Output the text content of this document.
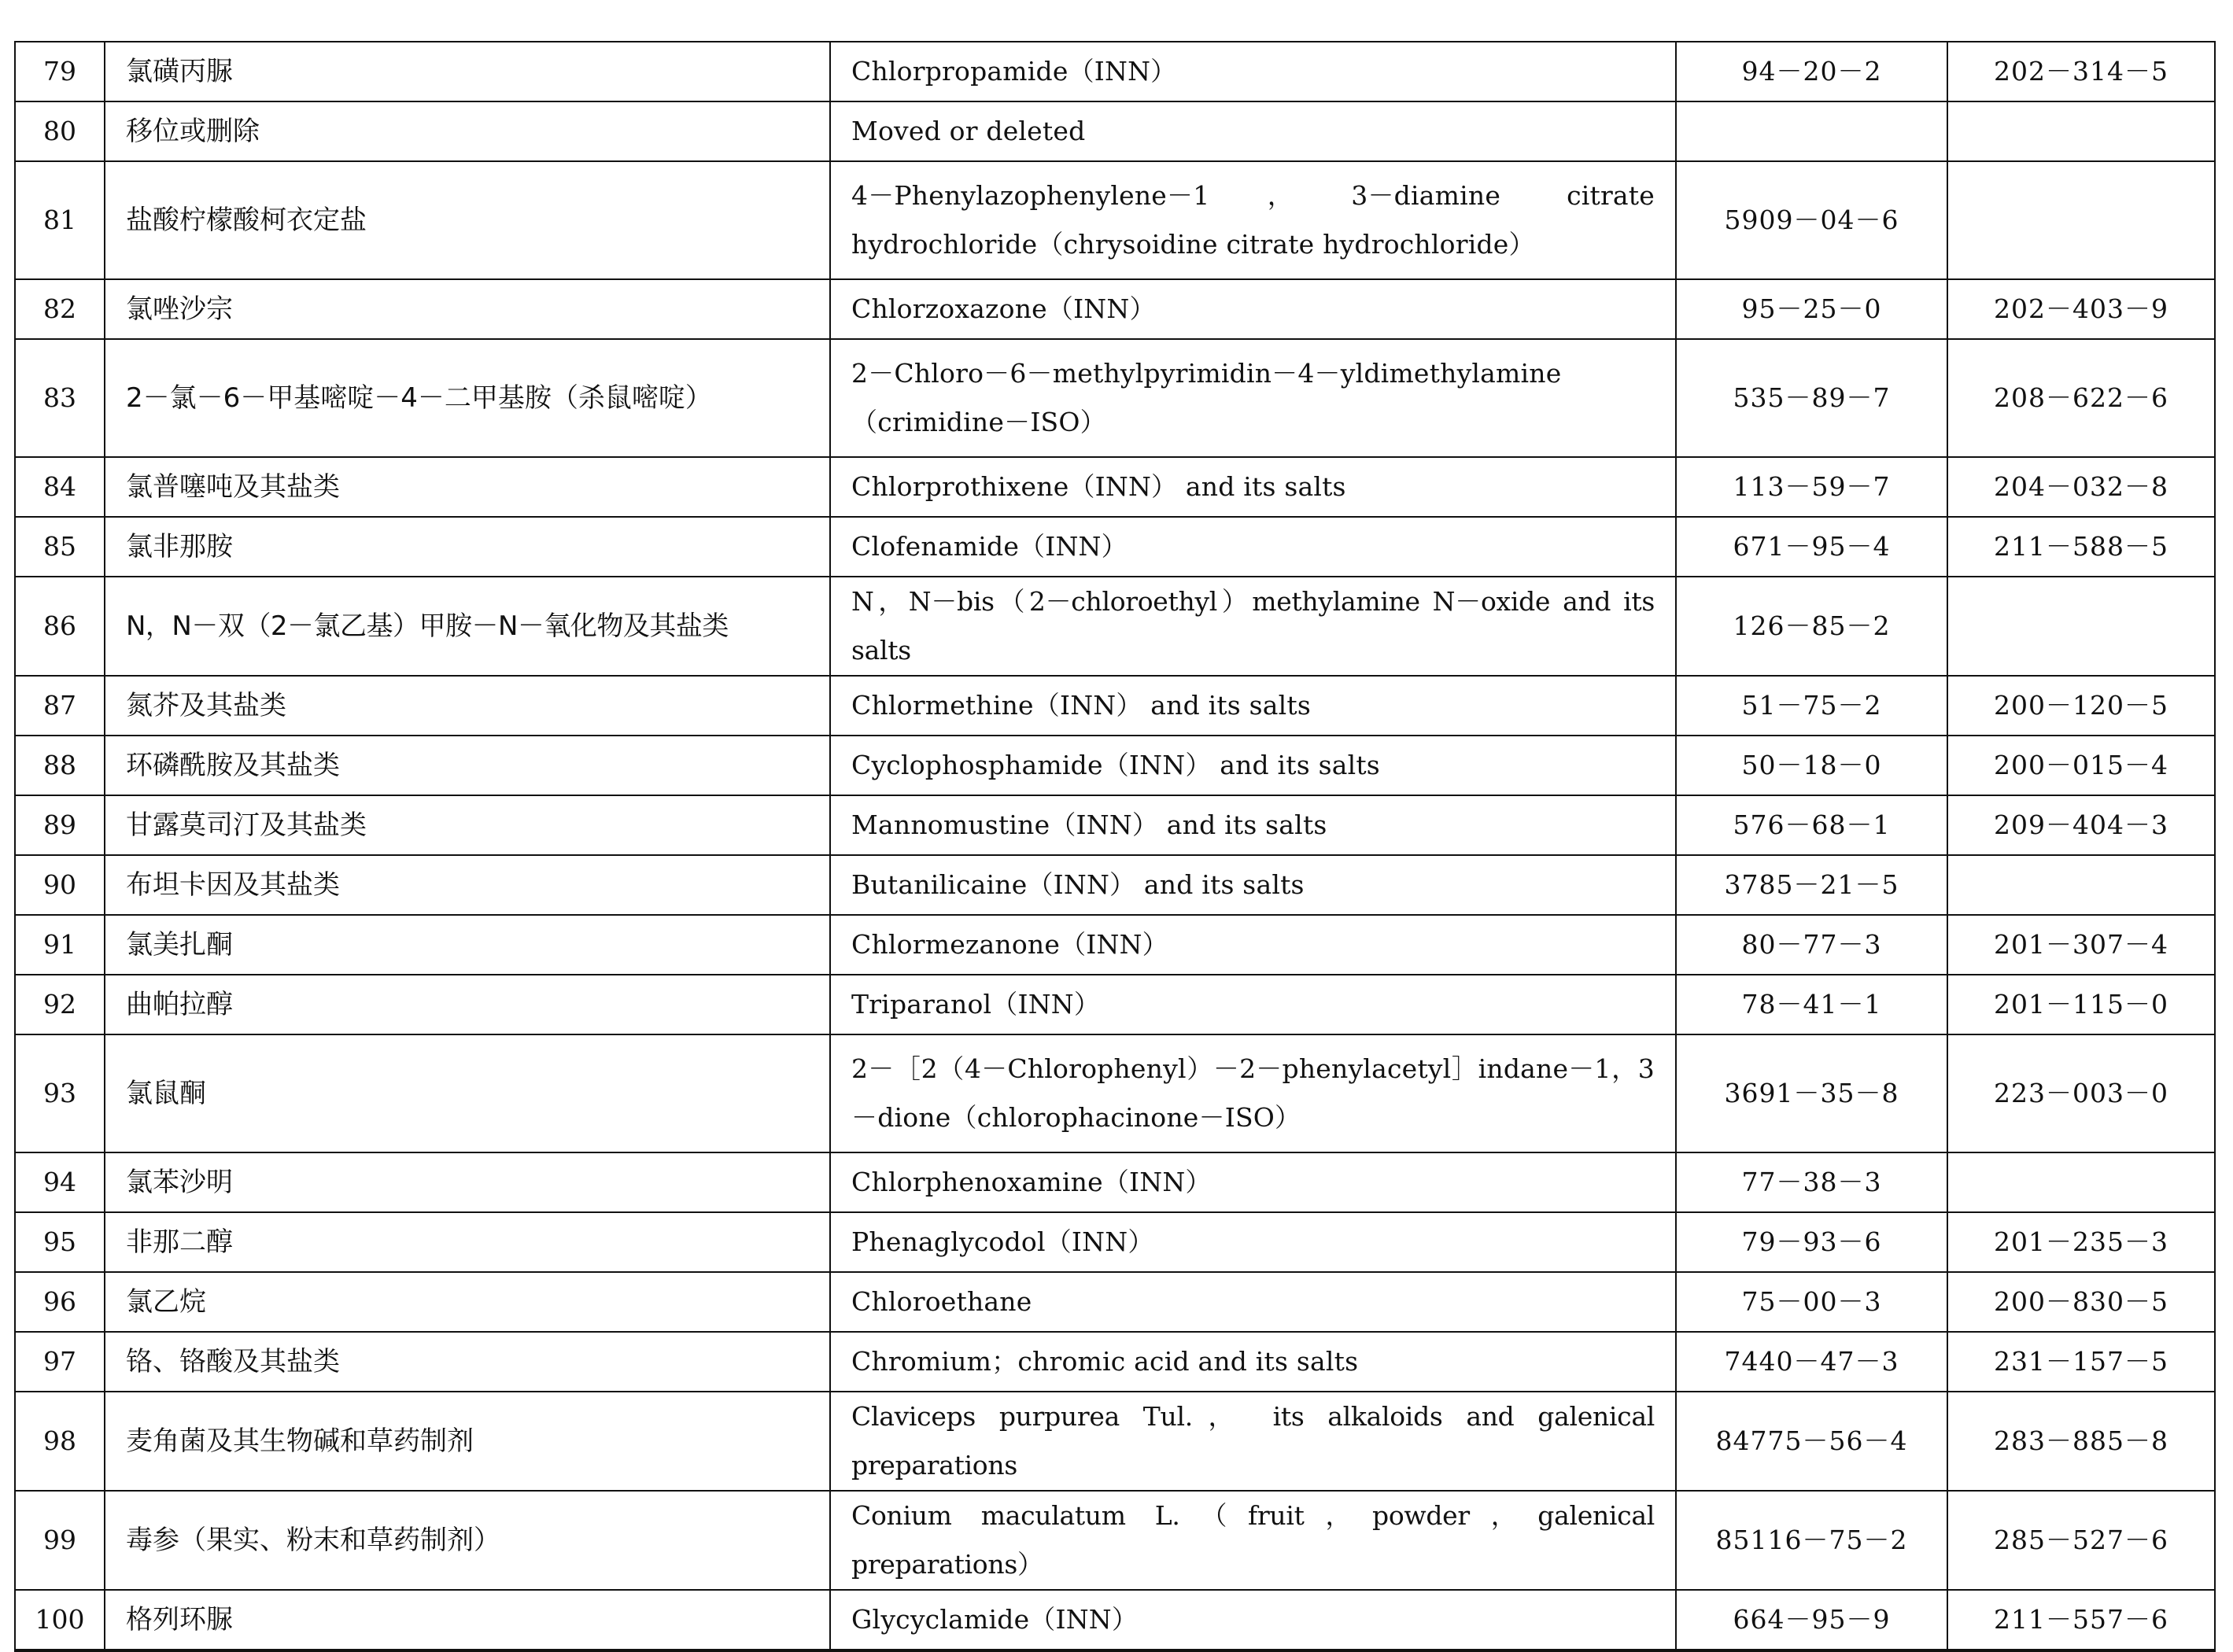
79	氯磺丙脲	Chlorpropamide（INN）	94－20－2	202－314－5
80	移位或删除	Moved or deleted		
81	盐酸柠檬酸柯衣定盐	4－Phenylazophenylene－1，3－diamine citrate hydrochloride（chrysoidine citrate hydrochloride）	5909－04－6	
82	氯唑沙宗	Chlorzoxazone（INN）	95－25－0	202－403－9
83	2－氯－6－甲基嘧啶－4－二甲基胺（杀鼠嘧啶）	2－Chloro－6－methylpyrimidin－4－yldimethylamine（crimidine－ISO）	535－89－7	208－622－6
84	氯普噻吨及其盐类	Chlorprothixene（INN） and its salts	113－59－7	204－032－8
85	氯非那胺	Clofenamide（INN）	671－95－4	211－588－5
86	N，N－双（2－氯乙基）甲胺－N－氧化物及其盐类	N，N－bis（2－chloroethyl）methylamine N－oxide and its salts	126－85－2	
87	氮芥及其盐类	Chlormethine（INN） and its salts	51－75－2	200－120－5
88	环磷酰胺及其盐类	Cyclophosphamide（INN） and its salts	50－18－0	200－015－4
89	甘露莫司汀及其盐类	Mannomustine（INN） and its salts	576－68－1	209－404－3
90	布坦卡因及其盐类	Butanilicaine（INN） and its salts	3785－21－5	
91	氯美扎酮	Chlormezanone（INN）	80－77－3	201－307－4
92	曲帕拉醇	Triparanol（INN）	78－41－1	201－115－0
93	氯鼠酮	2－［2（4－Chlorophenyl）－2－phenylacetyl］indane－1，3－dione（chlorophacinone－ISO）	3691－35－8	223－003－0
94	氯苯沙明	Chlorphenoxamine（INN）	77－38－3	
95	非那二醇	Phenaglycodol（INN）	79－93－6	201－235－3
96	氯乙烷	Chloroethane	75－00－3	200－830－5
97	铬、铬酸及其盐类	Chromium；chromic acid and its salts	7440－47－3	231－157－5
98	麦角菌及其生物碱和草药制剂	Claviceps purpurea Tul.， its alkaloids and galenical preparations	84775－56－4	283－885－8
99	毒参（果实、粉末和草药制剂）	Conium maculatum L.（fruit，powder，galenical preparations）	85116－75－2	285－527－6
100	格列环脲	Glycyclamide（INN）	664－95－9	211－557－6
